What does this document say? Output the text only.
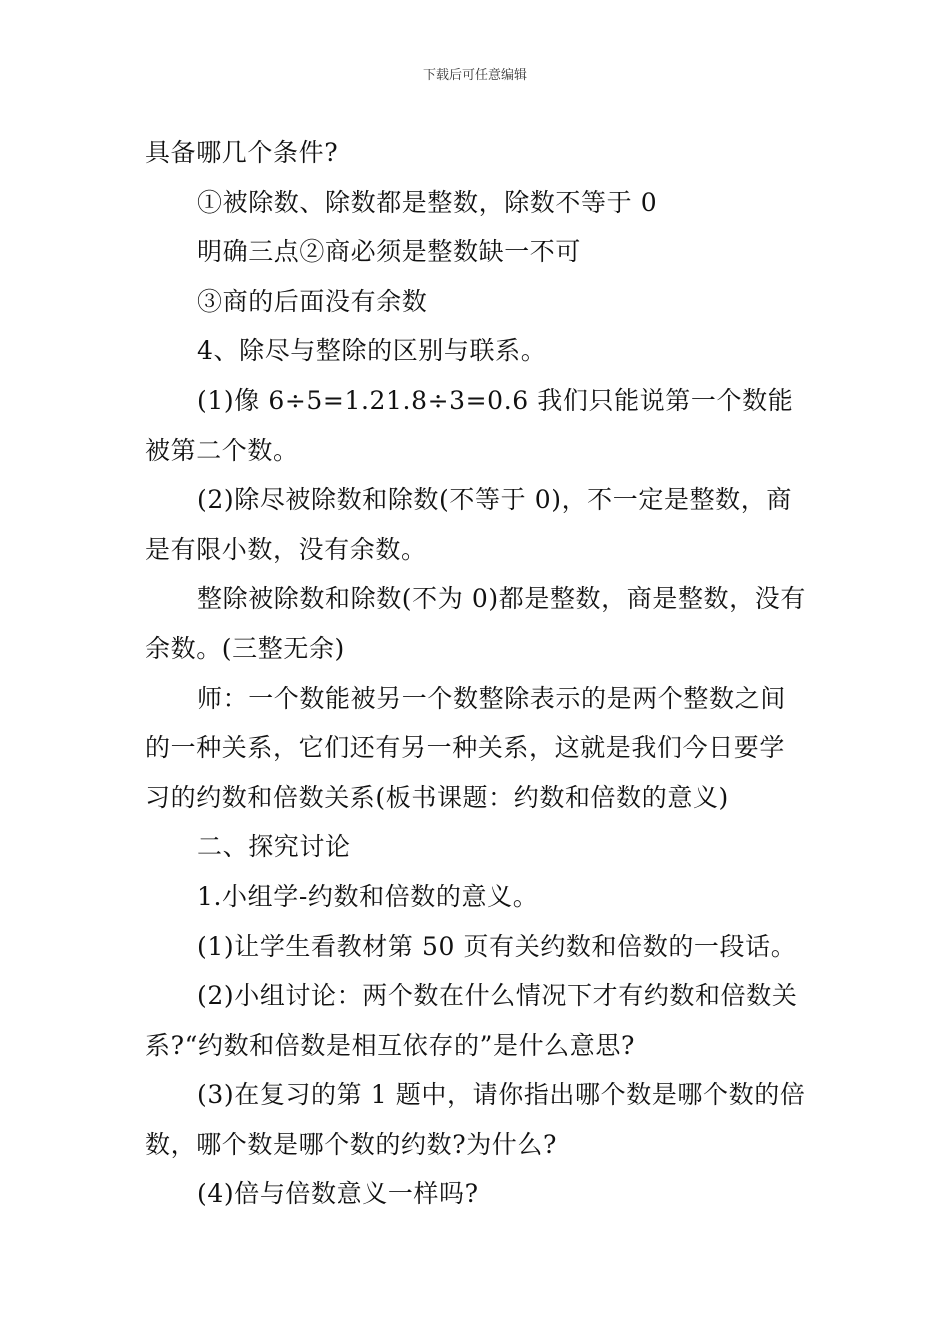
下载后可任意编辑

具备哪几个条件?

①被除数、除数都是整数，除数不等于 0

明确三点②商必须是整数缺一不可

③商的后面没有余数

4、除尽与整除的区别与联系。

(1)像 6÷5=1.21.8÷3=0.6 我们只能说第一个数能被第二个数。

(2)除尽被除数和除数(不等于 0)，不一定是整数，商是有限小数，没有余数。

整除被除数和除数(不为 0)都是整数，商是整数，没有余数。(三整无余)

师：一个数能被另一个数整除表示的是两个整数之间的一种关系，它们还有另一种关系，这就是我们今日要学习的约数和倍数关系(板书课题：约数和倍数的意义)

二、探究讨论

1.小组学-约数和倍数的意义。

(1)让学生看教材第 50 页有关约数和倍数的一段话。

(2)小组讨论：两个数在什么情况下才有约数和倍数关系?“约数和倍数是相互依存的”是什么意思?

(3)在复习的第 1 题中，请你指出哪个数是哪个数的倍数，哪个数是哪个数的约数?为什么?

(4)倍与倍数意义一样吗?
